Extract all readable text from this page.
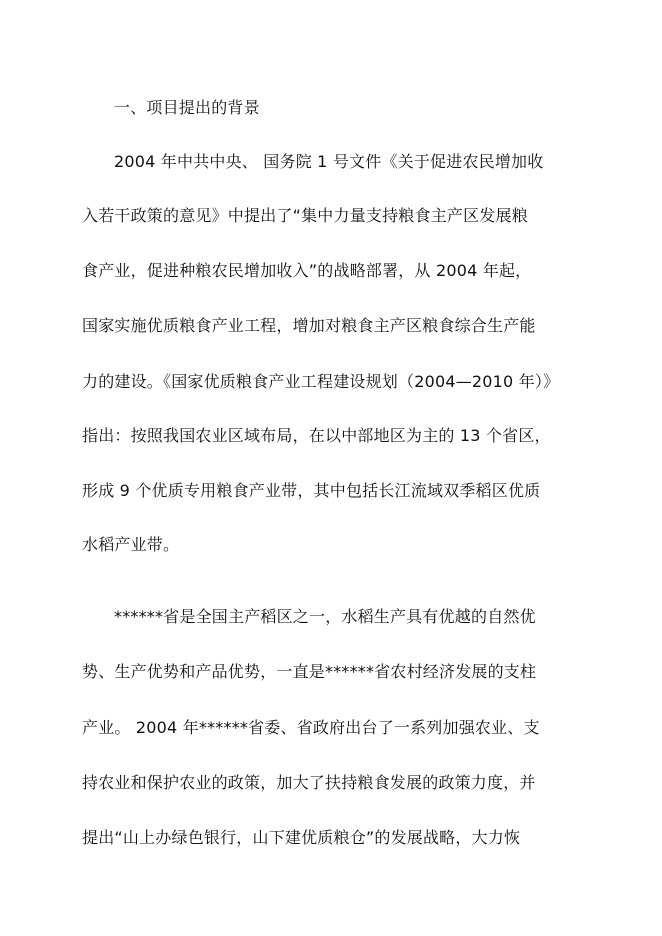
一、项目提出的背景
2004 年中共中央、 国务院 1 号文件《关于促进农民增加收
入若干政策的意见》中提出了“集中力量支持粮食主产区发展粮
食产业，促进种粮农民增加收入”的战略部署，从 2004 年起，
国家实施优质粮食产业工程，增加对粮食主产区粮食综合生产能
力的建设。《国家优质粮食产业工程建设规划（2004—2010 年）》
指出：按照我国农业区域布局，在以中部地区为主的 13 个省区，
形成 9 个优质专用粮食产业带，其中包括长江流域双季稻区优质
水稻产业带。
******省是全国主产稻区之一，水稻生产具有优越的自然优
势、生产优势和产品优势，一直是******省农村经济发展的支柱
产业。 2004 年******省委、省政府出台了一系列加强农业、支
持农业和保护农业的政策，加大了扶持粮食发展的政策力度，并
提出“山上办绿色银行，山下建优质粮仓”的发展战略，大力恢
